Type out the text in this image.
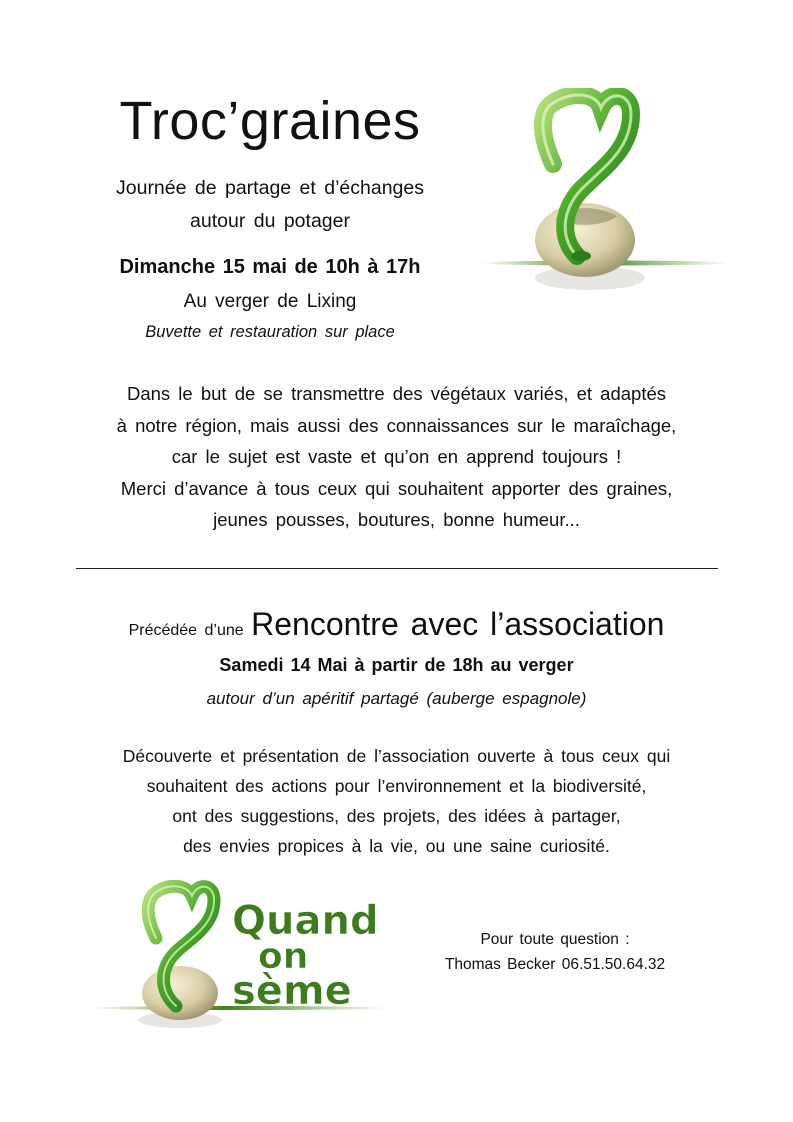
Troc’graines
Journée de partage et d’échanges
autour du potager
Dimanche 15 mai de 10h à 17h
Au verger de Lixing
Buvette et restauration sur place
Dans le but de se transmettre des végétaux variés, et adaptés
à notre région, mais aussi des connaissances sur le maraîchage,
car le sujet est vaste et qu’on en apprend toujours !
Merci d’avance à tous ceux qui souhaitent apporter des graines,
jeunes pousses, boutures, bonne humeur...
Précédée d’une Rencontre avec l’association
Samedi 14 Mai à partir de 18h au verger
autour d’un apéritif partagé (auberge espagnole)
Découverte et présentation de l’association ouverte à tous ceux qui
souhaitent des actions pour l’environnement et la biodiversité,
ont des suggestions, des projets, des idées à partager,
des envies propices à la vie, ou une saine curiosité.
Quand
on
sème
Pour toute question :
Thomas Becker 06.51.50.64.32
